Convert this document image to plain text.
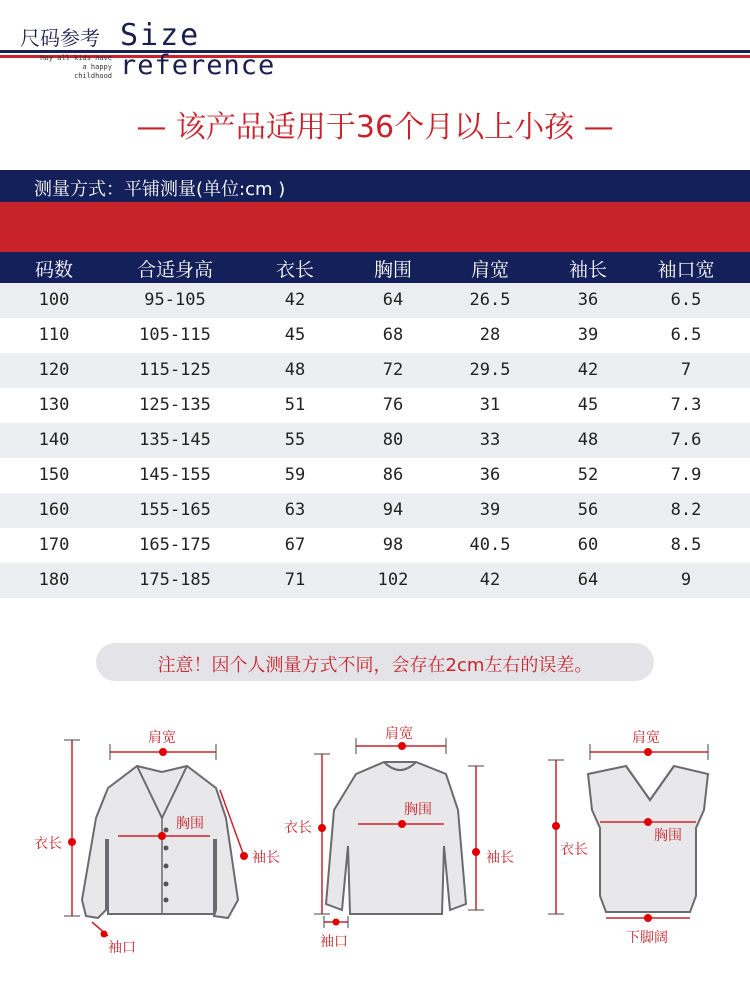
尺码参考 Size
reference
May all kids have
a happy
childhood
— 该产品适用于36个月以上小孩 —
测量方式：平铺测量(单位:cm )
码数	合适身高	衣长	胸围	肩宽	袖长	袖口宽
100	95-105	42	64	26.5	36	6.5
110	105-115	45	68	28	39	6.5
120	115-125	48	72	29.5	42	7
130	125-135	51	76	31	45	7.3
140	135-145	55	80	33	48	7.6
150	145-155	59	86	36	52	7.9
160	155-165	63	94	39	56	8.2
170	165-175	67	98	40.5	60	8.5
180	175-185	71	102	42	64	9
注意！因个人测量方式不同，会存在2cm左右的误差。
肩宽
胸围
衣长
袖长
袖口
肩宽
胸围
衣长
袖长
袖口
肩宽
胸围
衣长
下脚阔
